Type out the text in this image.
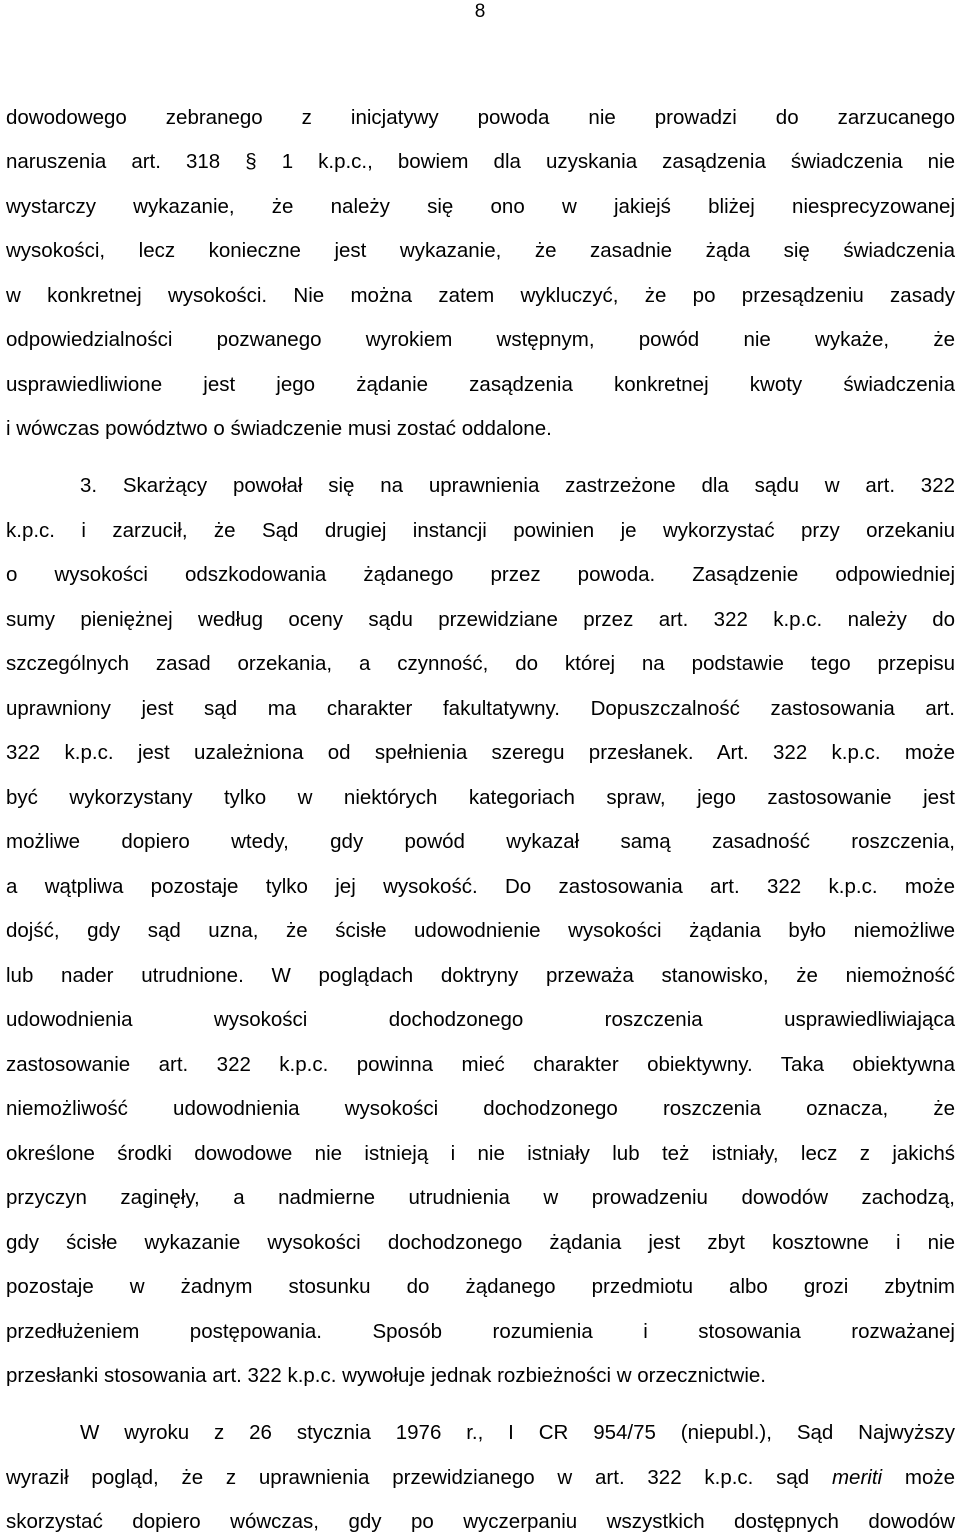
8
dowodowego zebranego z inicjatywy powoda nie prowadzi do zarzucanego
naruszenia art. 318 § 1 k.p.c., bowiem dla uzyskania zasądzenia świadczenia nie
wystarczy wykazanie, że należy się ono w jakiejś bliżej niesprecyzowanej
wysokości, lecz konieczne jest wykazanie, że zasadnie żąda się świadczenia
w konkretnej wysokości. Nie można zatem wykluczyć, że po przesądzeniu zasady
odpowiedzialności pozwanego wyrokiem wstępnym, powód nie wykaże, że
usprawiedliwione jest jego żądanie zasądzenia konkretnej kwoty świadczenia
i wówczas powództwo o świadczenie musi zostać oddalone.
3. Skarżący powołał się na uprawnienia zastrzeżone dla sądu w art. 322
k.p.c. i zarzucił, że Sąd drugiej instancji powinien je wykorzystać przy orzekaniu
o wysokości odszkodowania żądanego przez powoda. Zasądzenie odpowiedniej
sumy pieniężnej według oceny sądu przewidziane przez art. 322 k.p.c. należy do
szczególnych zasad orzekania, a czynność, do której na podstawie tego przepisu
uprawniony jest sąd ma charakter fakultatywny. Dopuszczalność zastosowania art.
322 k.p.c. jest uzależniona od spełnienia szeregu przesłanek. Art. 322 k.p.c. może
być wykorzystany tylko w niektórych kategoriach spraw, jego zastosowanie jest
możliwe dopiero wtedy, gdy powód wykazał samą zasadność roszczenia,
a wątpliwa pozostaje tylko jej wysokość. Do zastosowania art. 322 k.p.c. może
dojść, gdy sąd uzna, że ścisłe udowodnienie wysokości żądania było niemożliwe
lub nader utrudnione. W poglądach doktryny przeważa stanowisko, że niemożność
udowodnienia wysokości dochodzonego roszczenia usprawiedliwiająca
zastosowanie art. 322 k.p.c. powinna mieć charakter obiektywny. Taka obiektywna
niemożliwość udowodnienia wysokości dochodzonego roszczenia oznacza, że
określone środki dowodowe nie istnieją i nie istniały lub też istniały, lecz z jakichś
przyczyn zaginęły, a nadmierne utrudnienia w prowadzeniu dowodów zachodzą,
gdy ścisłe wykazanie wysokości dochodzonego żądania jest zbyt kosztowne i nie
pozostaje w żadnym stosunku do żądanego przedmiotu albo grozi zbytnim
przedłużeniem postępowania. Sposób rozumienia i stosowania rozważanej
przesłanki stosowania art. 322 k.p.c. wywołuje jednak rozbieżności w orzecznictwie.
W wyroku z 26 stycznia 1976 r., I CR 954/75 (niepubl.), Sąd Najwyższy
wyraził pogląd, że z uprawnienia przewidzianego w art. 322 k.p.c. sąd meriti może
skorzystać dopiero wówczas, gdy po wyczerpaniu wszystkich dostępnych dowodów
